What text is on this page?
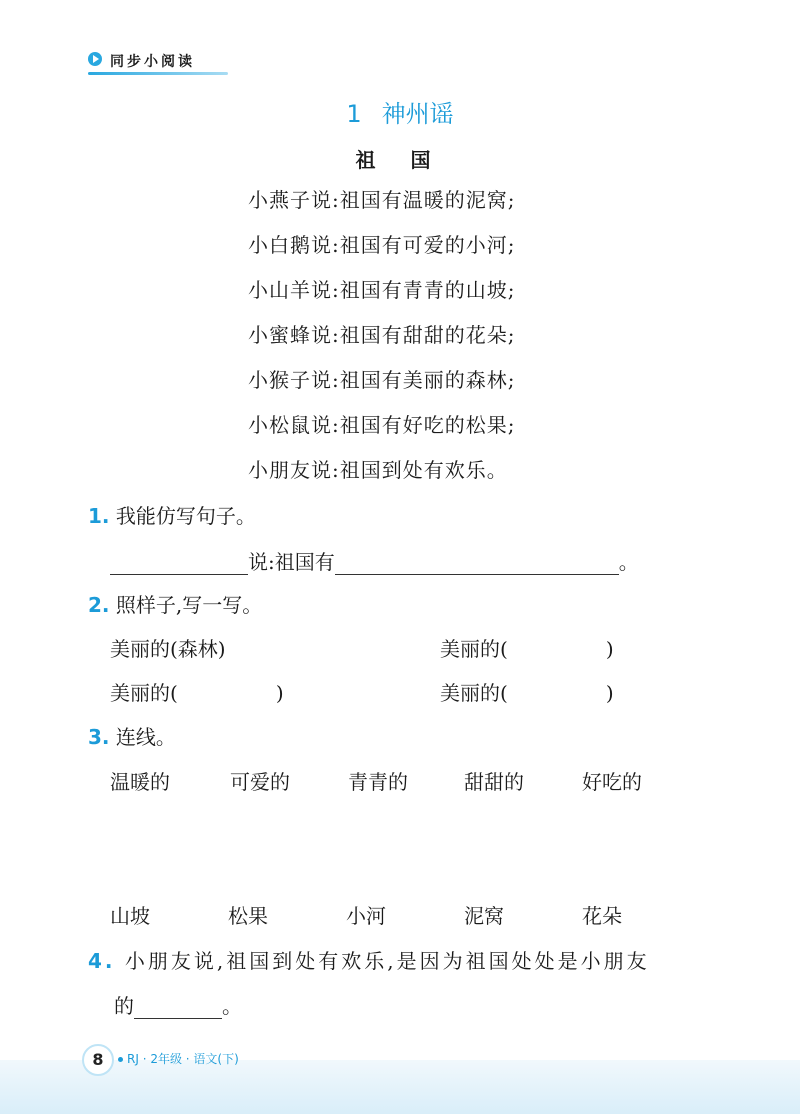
同步小阅读
1 神州谣
祖 国
小燕子说:祖国有温暖的泥窝;
小白鹅说:祖国有可爱的小河;
小山羊说:祖国有青青的山坡;
小蜜蜂说:祖国有甜甜的花朵;
小猴子说:祖国有美丽的森林;
小松鼠说:祖国有好吃的松果;
小朋友说:祖国到处有欢乐。
1. 我能仿写句子。
说:祖国有	。
2. 照样子,写一写。
美丽的(森林)	美丽的(	)
美丽的(	)	美丽的(	)
3. 连线。
温暖的	可爱的	青青的	甜甜的	好吃的
山坡	松果	小河	泥窝	花朵
4. 小朋友说,祖国到处有欢乐,是因为祖国处处是小朋友
的	。
8	RJ · 2年级 · 语文(下)
